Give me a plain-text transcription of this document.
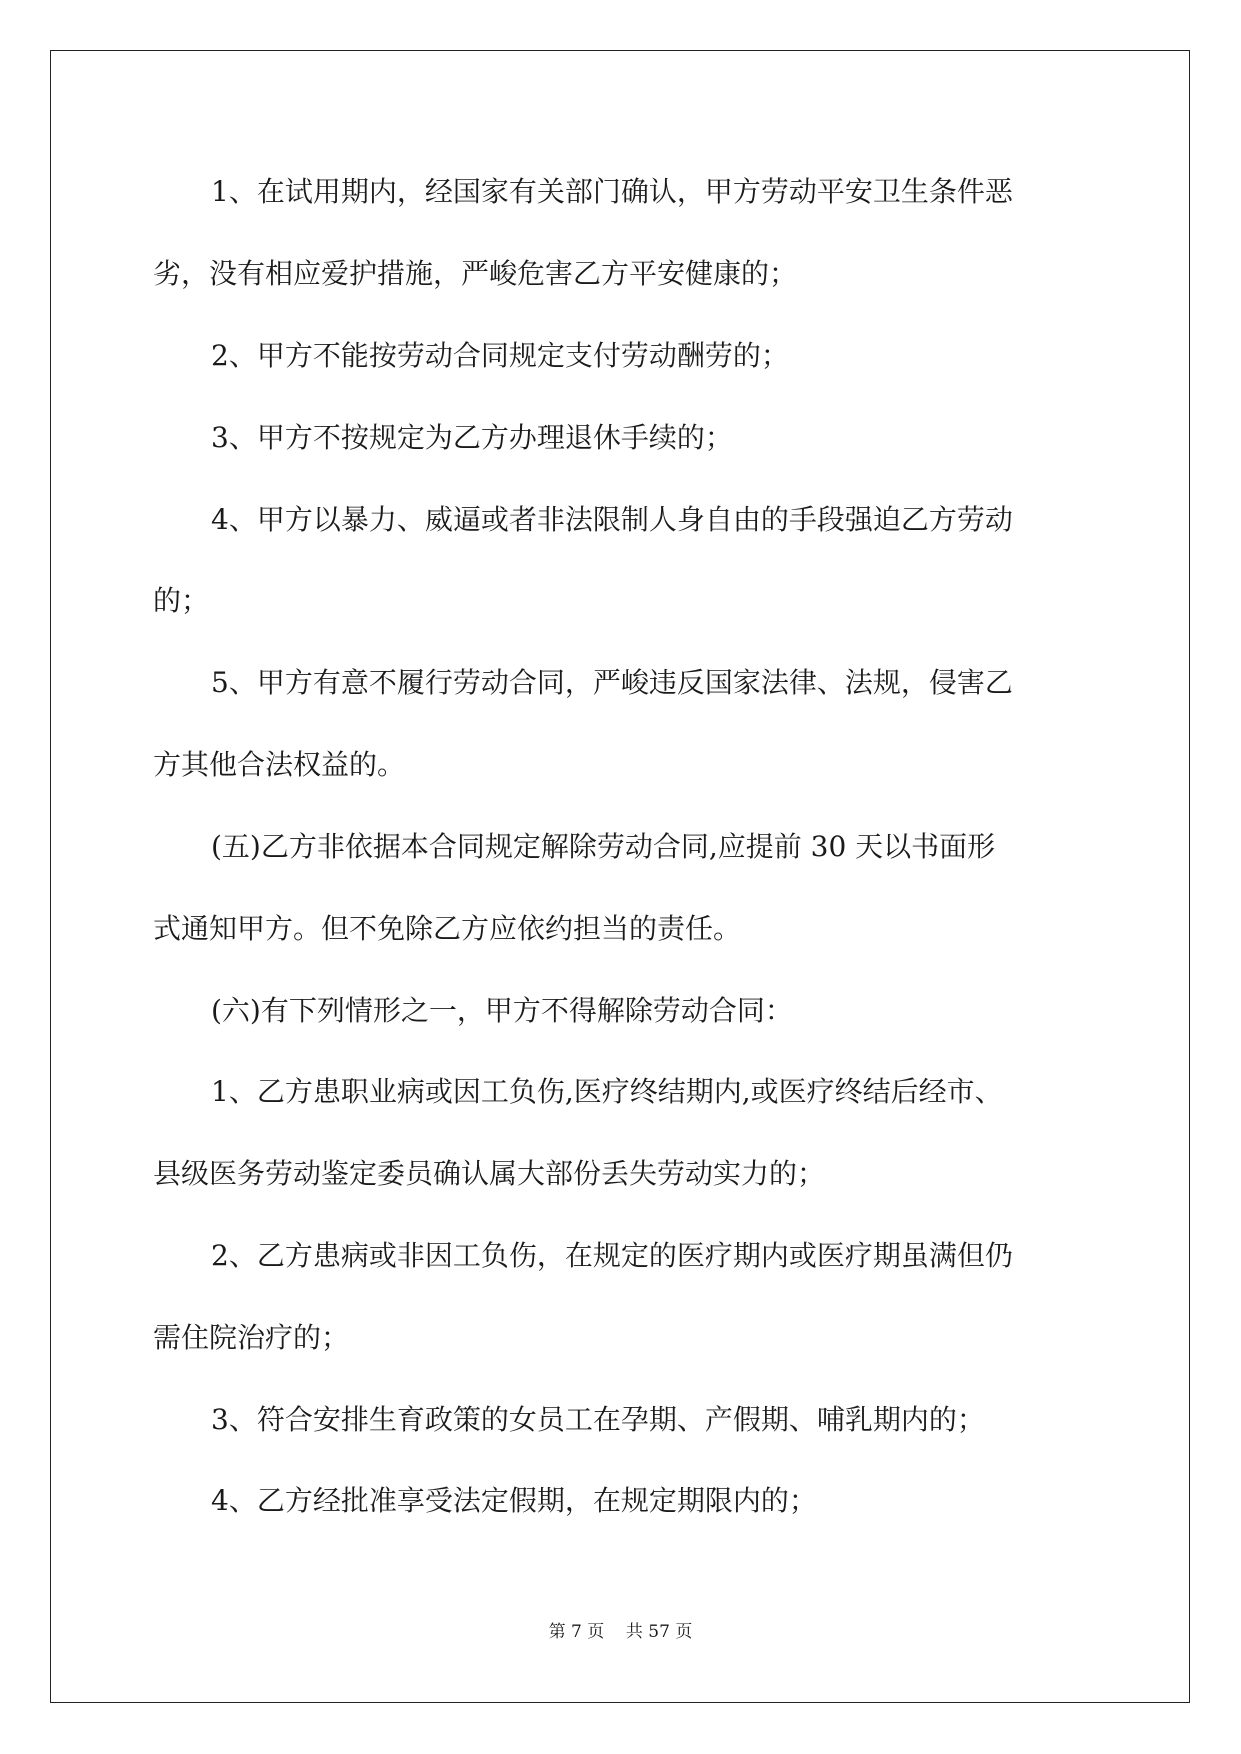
1、在试用期内，经国家有关部门确认，甲方劳动平安卫生条件恶
劣，没有相应爱护措施，严峻危害乙方平安健康的；
2、甲方不能按劳动合同规定支付劳动酬劳的；
3、甲方不按规定为乙方办理退休手续的；
4、甲方以暴力、威逼或者非法限制人身自由的手段强迫乙方劳动
的；
5、甲方有意不履行劳动合同，严峻违反国家法律、法规，侵害乙
方其他合法权益的。
(五)乙方非依据本合同规定解除劳动合同,应提前 30 天以书面形
式通知甲方。但不免除乙方应依约担当的责任。
(六)有下列情形之一，甲方不得解除劳动合同：
1、乙方患职业病或因工负伤,医疗终结期内,或医疗终结后经市、
县级医务劳动鉴定委员确认属大部份丢失劳动实力的；
2、乙方患病或非因工负伤，在规定的医疗期内或医疗期虽满但仍
需住院治疗的；
3、符合安排生育政策的女员工在孕期、产假期、哺乳期内的；
4、乙方经批准享受法定假期，在规定期限内的；
第 7 页 共 57 页
